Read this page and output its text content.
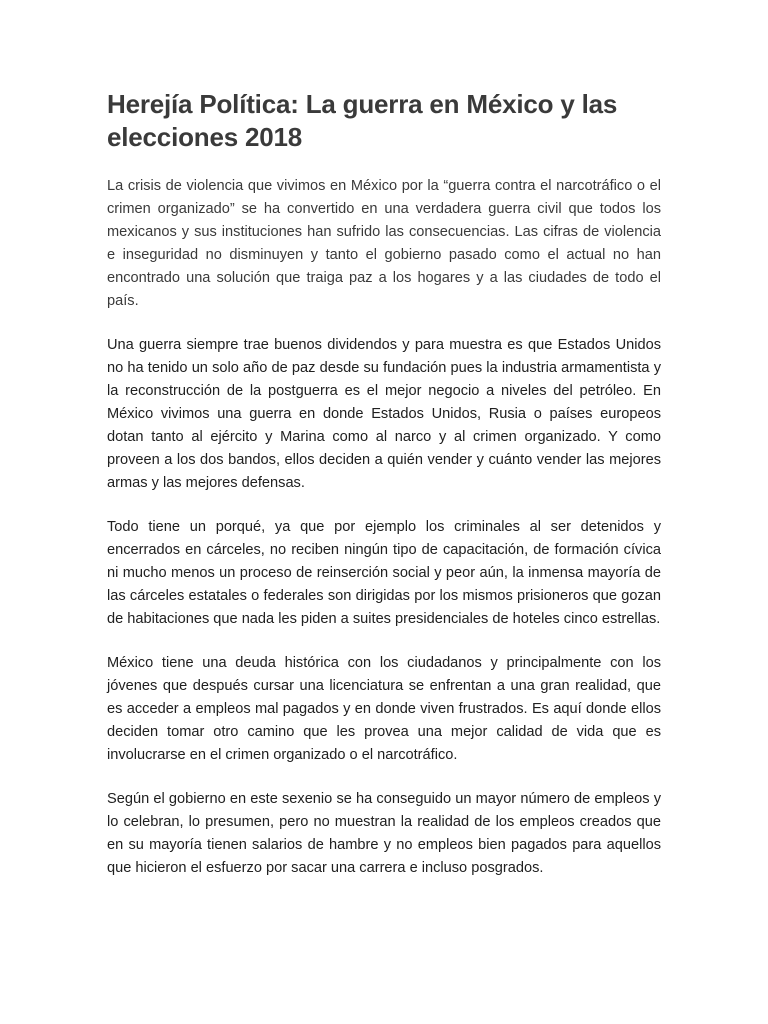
Herejía Política: La guerra en México y las elecciones 2018

La crisis de violencia que vivimos en México por la “guerra contra el narcotráfico o el crimen organizado” se ha convertido en una verdadera guerra civil que todos los mexicanos y sus instituciones han sufrido las consecuencias. Las cifras de violencia e inseguridad no disminuyen y tanto el gobierno pasado como el actual no han encontrado una solución que traiga paz a los hogares y a las ciudades de todo el país.

Una guerra siempre trae buenos dividendos y para muestra es que Estados Unidos no ha tenido un solo año de paz desde su fundación pues la industria armamentista y la reconstrucción de la postguerra es el mejor negocio a niveles del petróleo. En México vivimos una guerra en donde Estados Unidos, Rusia o países europeos dotan tanto al ejército y Marina como al narco y al crimen organizado. Y como proveen a los dos bandos, ellos deciden a quién vender y cuánto vender las mejores armas y las mejores defensas.

Todo tiene un porqué, ya que por ejemplo los criminales al ser detenidos y encerrados en cárceles, no reciben ningún tipo de capacitación, de formación cívica ni mucho menos un proceso de reinserción social y peor aún, la inmensa mayoría de las cárceles estatales o federales son dirigidas por los mismos prisioneros que gozan de habitaciones que nada les piden a suites presidenciales de hoteles cinco estrellas.

México tiene una deuda histórica con los ciudadanos y principalmente con los jóvenes que después cursar una licenciatura se enfrentan a una gran realidad, que es acceder a empleos mal pagados y en donde viven frustrados. Es aquí donde ellos deciden tomar otro camino que les provea una mejor calidad de vida que es involucrarse en el crimen organizado o el narcotráfico.

Según el gobierno en este sexenio se ha conseguido un mayor número de empleos y lo celebran, lo presumen, pero no muestran la realidad de los empleos creados que en su mayoría tienen salarios de hambre y no empleos bien pagados para aquellos que hicieron el esfuerzo por sacar una carrera e incluso posgrados.
